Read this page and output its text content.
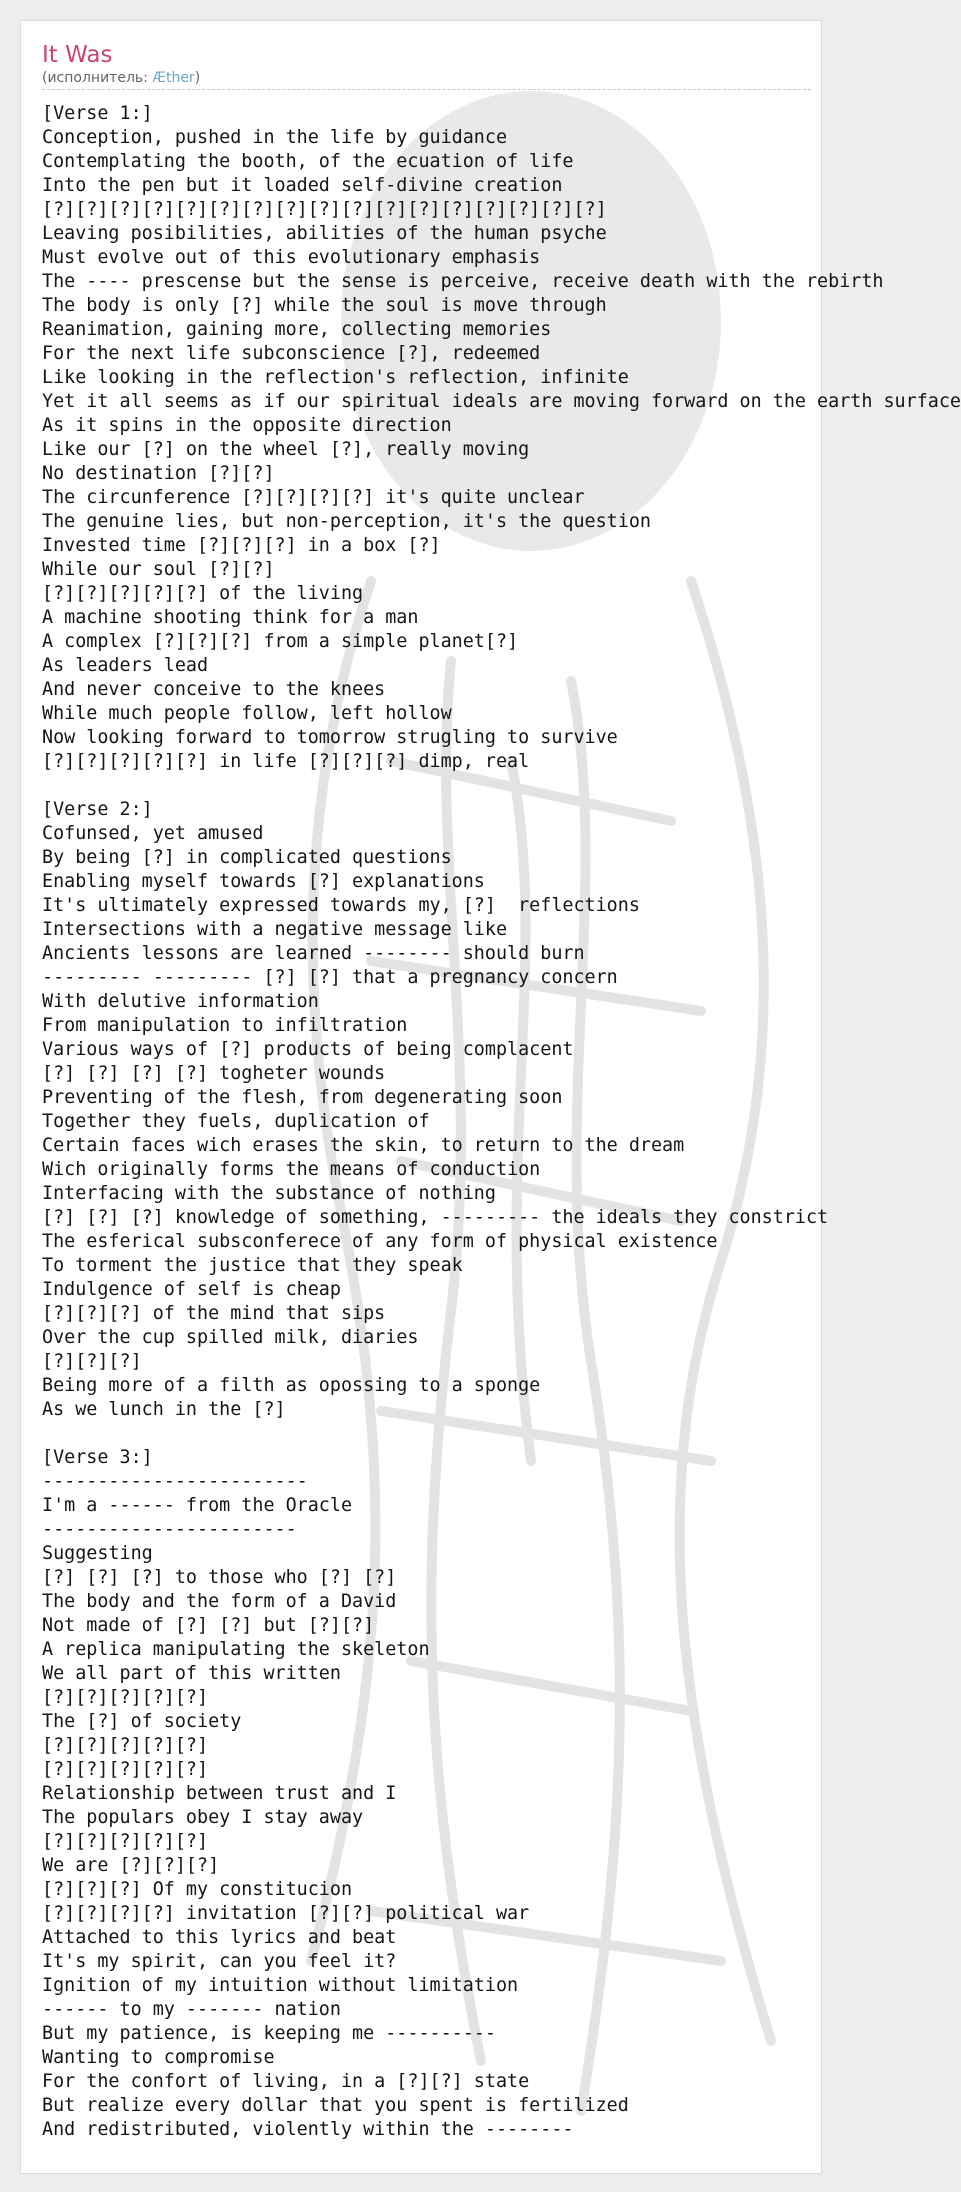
It Was
(исполнитель: Æther)
[Verse 1:]
Conception, pushed in the life by guidance
Contemplating the booth, of the ecuation of life
Into the pen but it loaded self-divine creation
[?][?][?][?][?][?][?][?][?][?][?][?][?][?][?][?][?]
Leaving posibilities, abilities of the human psyche
Must evolve out of this evolutionary emphasis
The ---- prescense but the sense is perceive, receive death with the rebirth
The body is only [?] while the soul is move through
Reanimation, gaining more, collecting memories
For the next life subconscience [?], redeemed
Like looking in the reflection's reflection, infinite
Yet it all seems as if our spiritual ideals are moving forward on the earth surface
As it spins in the opposite direction
Like our [?] on the wheel [?], really moving
No destination [?][?]
The circunference [?][?][?][?] it's quite unclear
The genuine lies, but non-perception, it's the question
Invested time [?][?][?] in a box [?]
While our soul [?][?]
[?][?][?][?][?] of the living
A machine shooting think for a man
A complex [?][?][?] from a simple planet[?]
As leaders lead
And never conceive to the knees
While much people follow, left hollow
Now looking forward to tomorrow strugling to survive
[?][?][?][?][?] in life [?][?][?] dimp, real

[Verse 2:]
Cofunsed, yet amused
By being [?] in complicated questions
Enabling myself towards [?] explanations
It's ultimately expressed towards my, [?]  reflections
Intersections with a negative message like
Ancients lessons are learned -------- should burn
--------- --------- [?] [?] that a pregnancy concern
With delutive information
From manipulation to infiltration
Various ways of [?] products of being complacent
[?] [?] [?] [?] togheter wounds
Preventing of the flesh, from degenerating soon
Together they fuels, duplication of
Certain faces wich erases the skin, to return to the dream
Wich originally forms the means of conduction
Interfacing with the substance of nothing
[?] [?] [?] knowledge of something, --------- the ideals they constrict
The esferical subsconferece of any form of physical existence
To torment the justice that they speak
Indulgence of self is cheap
[?][?][?] of the mind that sips
Over the cup spilled milk, diaries
[?][?][?]
Being more of a filth as opossing to a sponge
As we lunch in the [?]

[Verse 3:]
------------------------
I'm a ------ from the Oracle
-----------------------
Suggesting
[?] [?] [?] to those who [?] [?]
The body and the form of a David
Not made of [?] [?] but [?][?]
A replica manipulating the skeleton
We all part of this written
[?][?][?][?][?]
The [?] of society
[?][?][?][?][?]
[?][?][?][?][?]
Relationship between trust and I
The populars obey I stay away
[?][?][?][?][?]
We are [?][?][?]
[?][?][?] Of my constitucion
[?][?][?][?] invitation [?][?] political war
Attached to this lyrics and beat
It's my spirit, can you feel it?
Ignition of my intuition without limitation
------ to my ------- nation
But my patience, is keeping me ----------
Wanting to compromise
For the confort of living, in a [?][?] state
But realize every dollar that you spent is fertilized
And redistributed, violently within the --------
